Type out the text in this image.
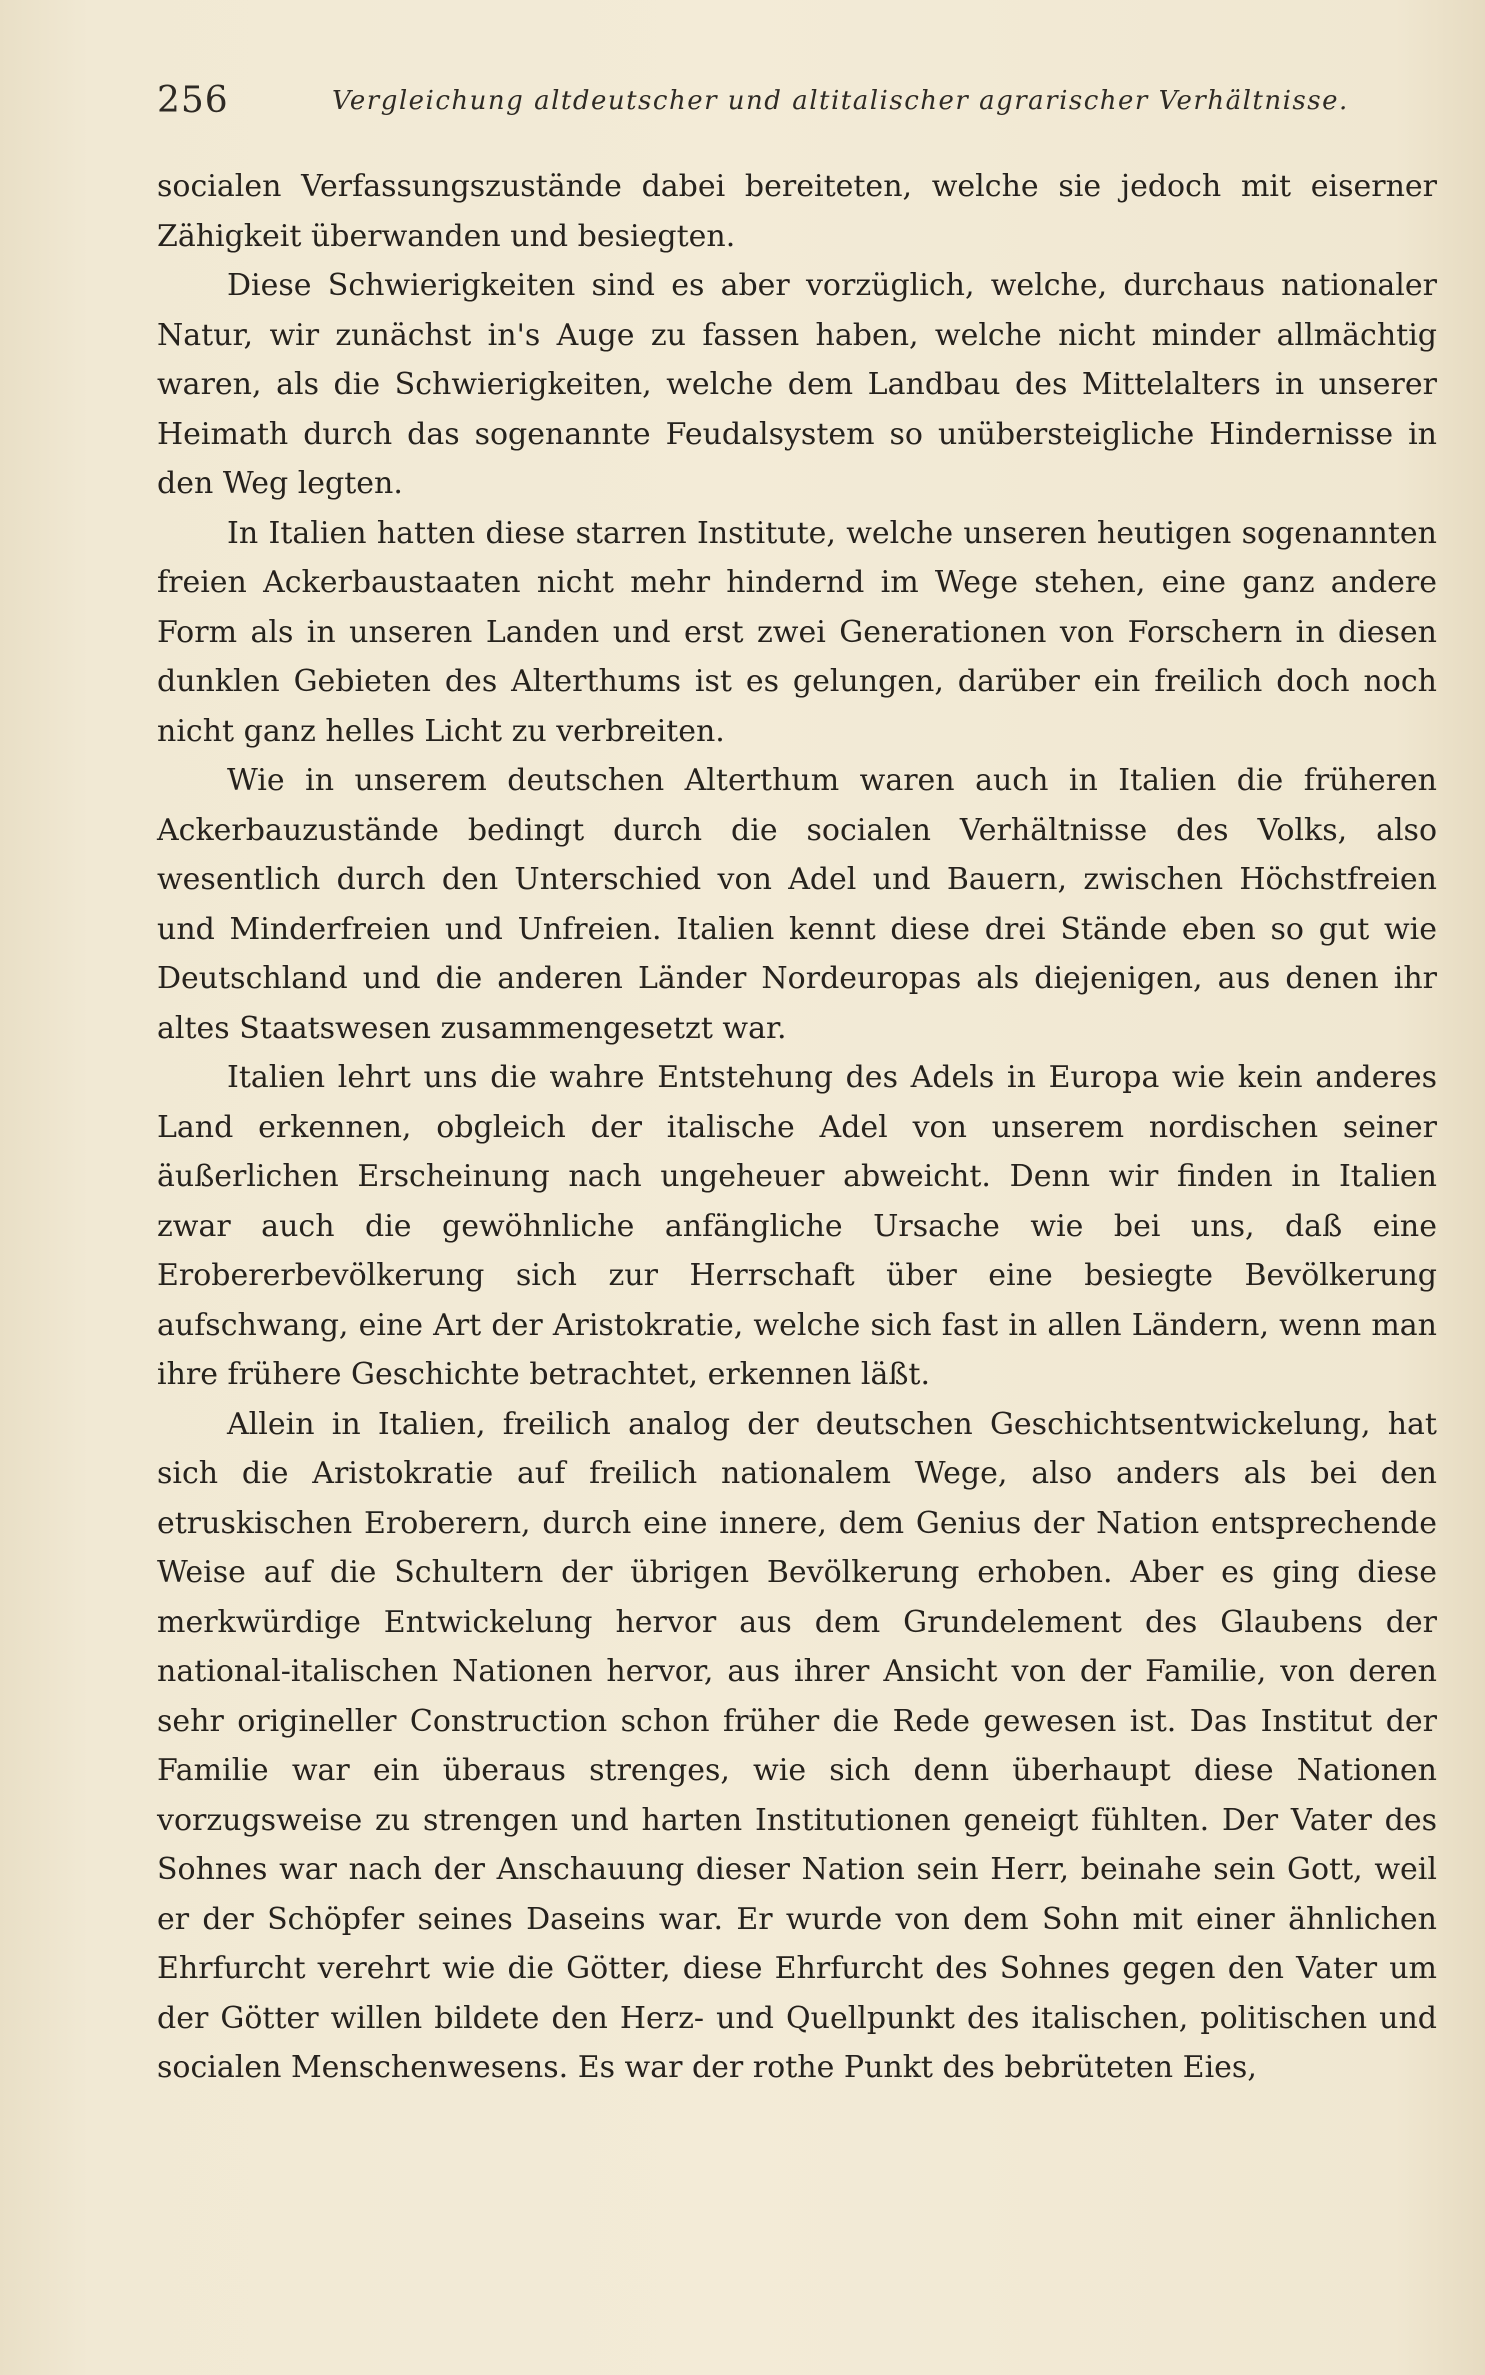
256	Vergleichung altdeutscher und altitalischer agrarischer Verhältnisse.

socialen Verfassungszustände dabei bereiteten, welche sie jedoch mit eiserner Zähigkeit überwanden und besiegten.

Diese Schwierigkeiten sind es aber vorzüglich, welche, durchaus nationaler Natur, wir zunächst in's Auge zu fassen haben, welche nicht minder allmächtig waren, als die Schwierigkeiten, welche dem Landbau des Mittelalters in unserer Heimath durch das sogenannte Feudalsystem so unübersteigliche Hindernisse in den Weg legten.

In Italien hatten diese starren Institute, welche unseren heutigen sogenannten freien Ackerbaustaaten nicht mehr hindernd im Wege stehen, eine ganz andere Form als in unseren Landen und erst zwei Generationen von Forschern in diesen dunklen Gebieten des Alterthums ist es gelungen, darüber ein freilich doch noch nicht ganz helles Licht zu verbreiten.

Wie in unserem deutschen Alterthum waren auch in Italien die früheren Ackerbauzustände bedingt durch die socialen Verhältnisse des Volks, also wesentlich durch den Unterschied von Adel und Bauern, zwischen Höchstfreien und Minderfreien und Unfreien. Italien kennt diese drei Stände eben so gut wie Deutschland und die anderen Länder Nordeuropas als diejenigen, aus denen ihr altes Staatswesen zusammengesetzt war.

Italien lehrt uns die wahre Entstehung des Adels in Europa wie kein anderes Land erkennen, obgleich der italische Adel von unserem nordischen seiner äußerlichen Erscheinung nach ungeheuer abweicht. Denn wir finden in Italien zwar auch die gewöhnliche anfängliche Ursache wie bei uns, daß eine Erobererbevölkerung sich zur Herrschaft über eine besiegte Bevölkerung aufschwang, eine Art der Aristokratie, welche sich fast in allen Ländern, wenn man ihre frühere Geschichte betrachtet, erkennen läßt.

Allein in Italien, freilich analog der deutschen Geschichtsentwickelung, hat sich die Aristokratie auf freilich nationalem Wege, also anders als bei den etruskischen Eroberern, durch eine innere, dem Genius der Nation entsprechende Weise auf die Schultern der übrigen Bevölkerung erhoben. Aber es ging diese merkwürdige Entwickelung hervor aus dem Grundelement des Glaubens der national-italischen Nationen hervor, aus ihrer Ansicht von der Familie, von deren sehr origineller Construction schon früher die Rede gewesen ist. Das Institut der Familie war ein überaus strenges, wie sich denn überhaupt diese Nationen vorzugsweise zu strengen und harten Institutionen geneigt fühlten. Der Vater des Sohnes war nach der Anschauung dieser Nation sein Herr, beinahe sein Gott, weil er der Schöpfer seines Daseins war. Er wurde von dem Sohn mit einer ähnlichen Ehrfurcht verehrt wie die Götter, diese Ehrfurcht des Sohnes gegen den Vater um der Götter willen bildete den Herz- und Quellpunkt des italischen, politischen und socialen Menschenwesens. Es war der rothe Punkt des bebrüteten Eies,
